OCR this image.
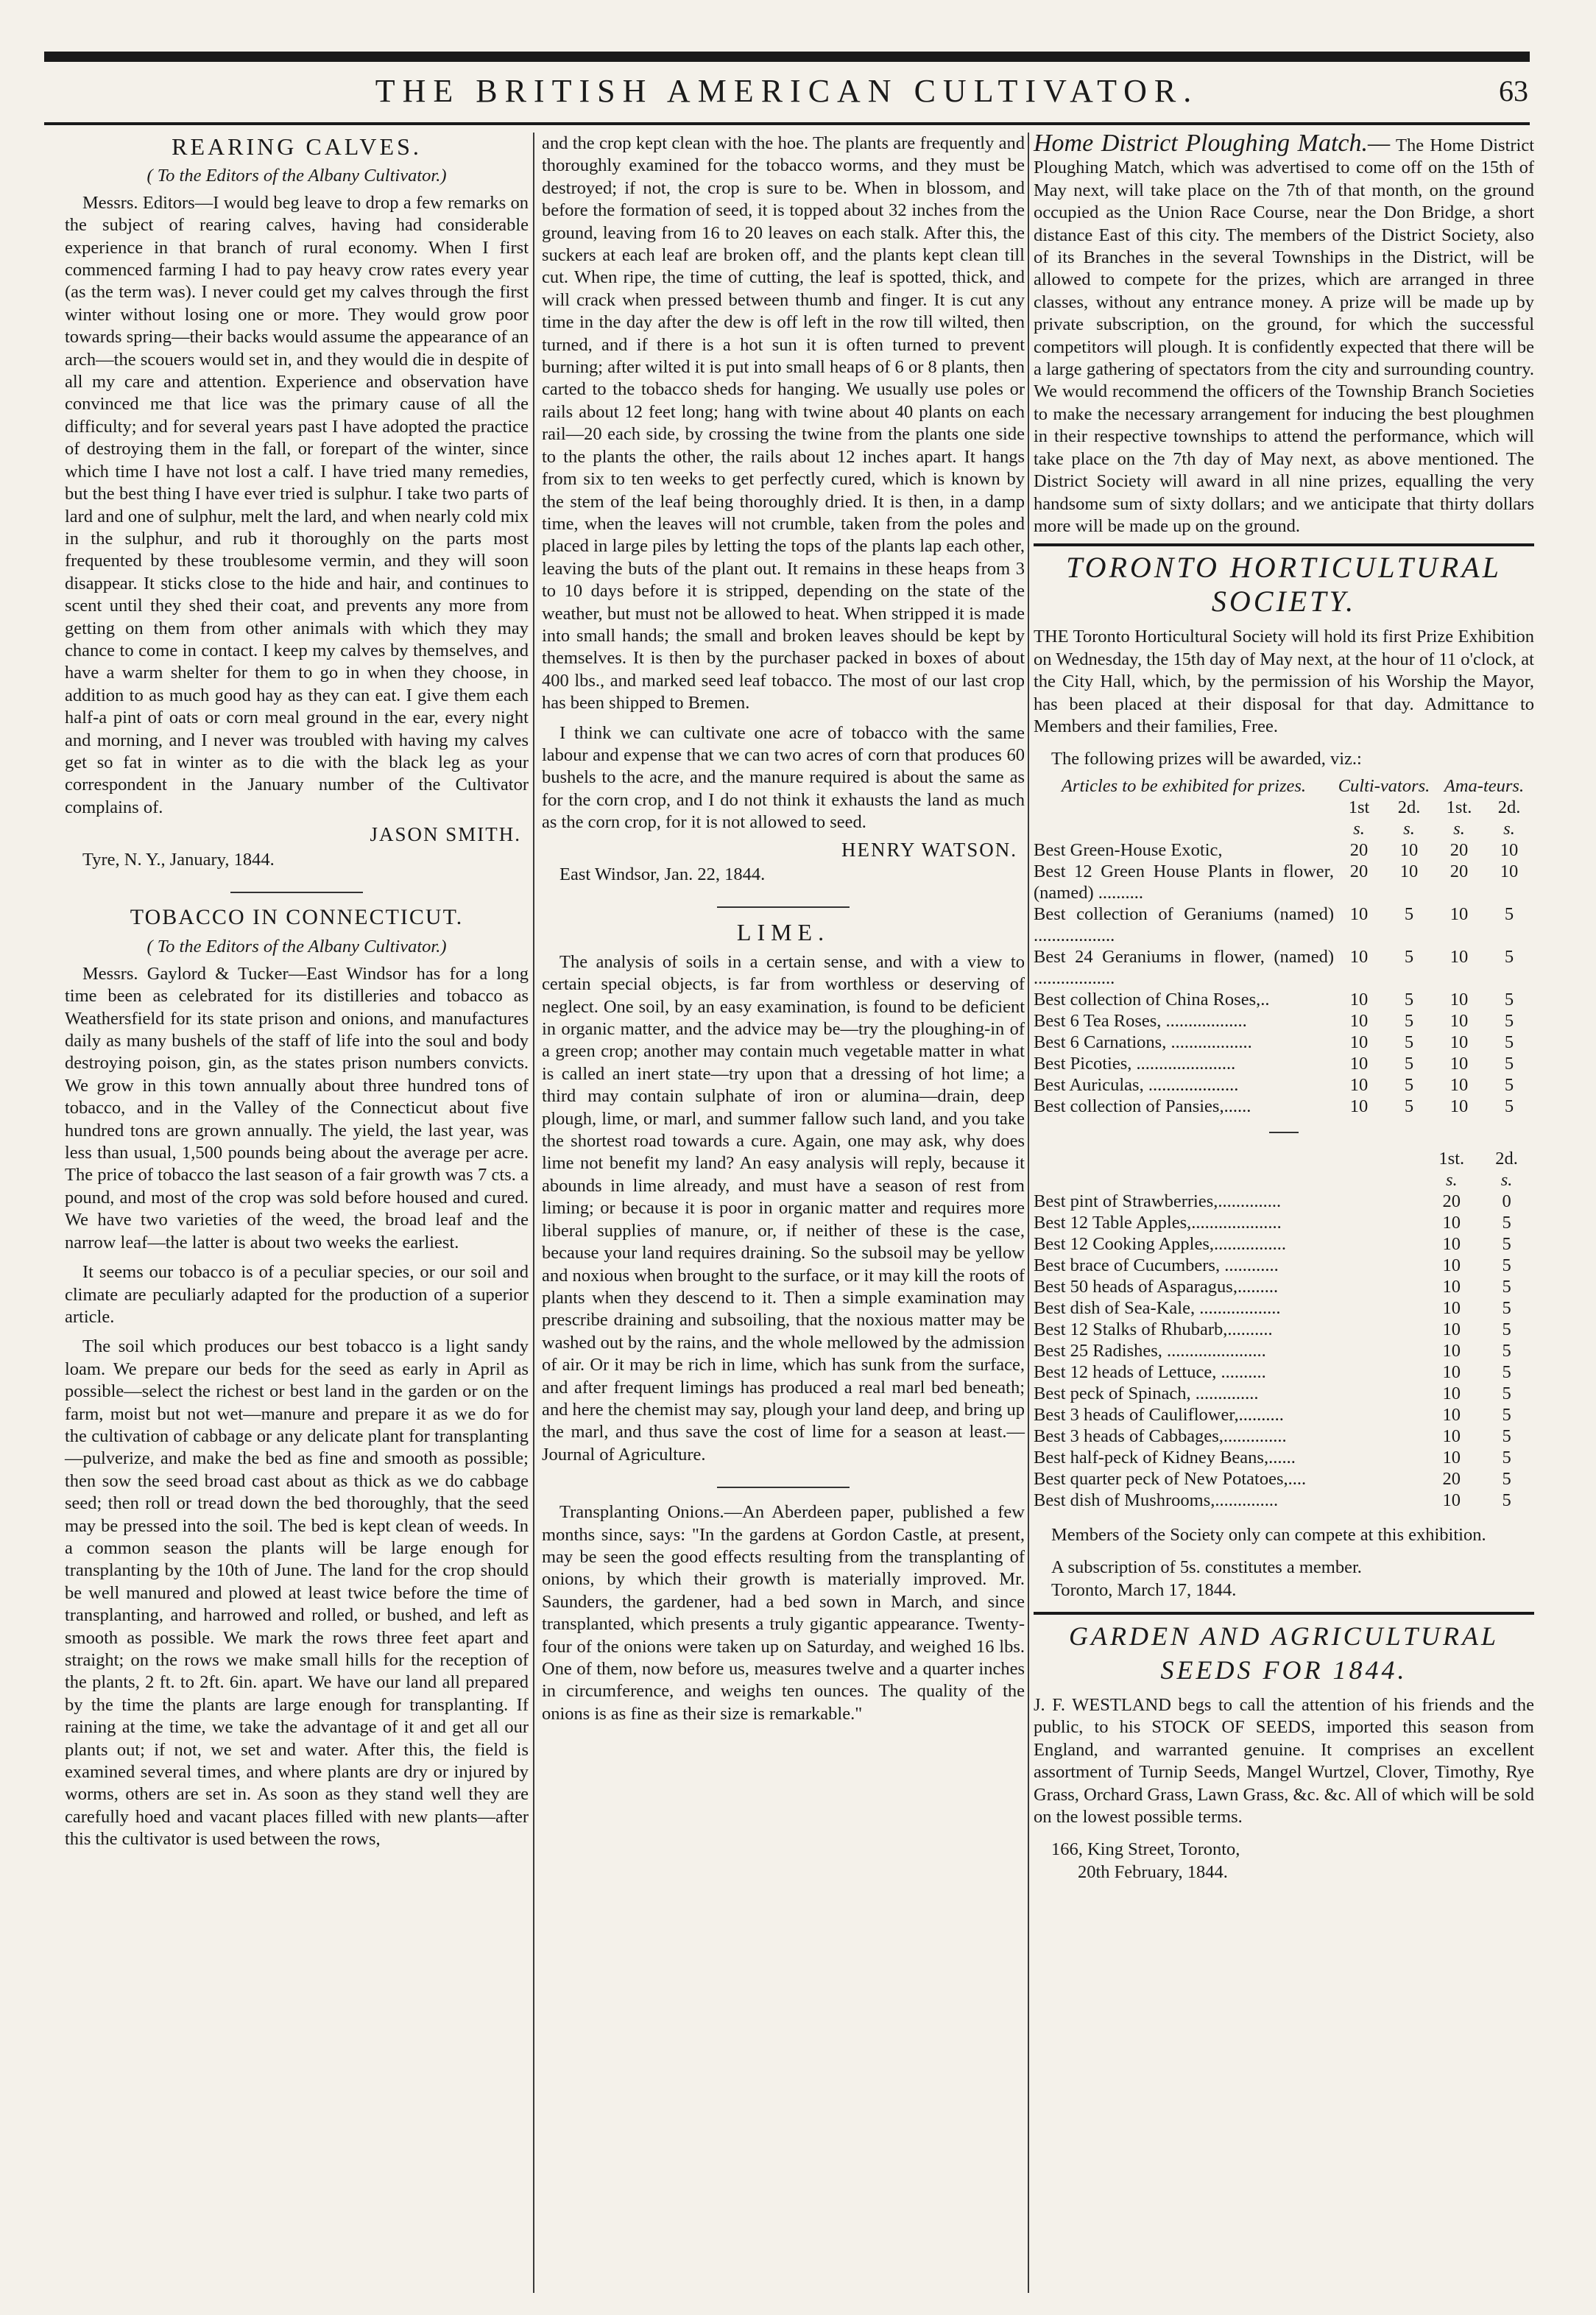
THE BRITISH AMERICAN CULTIVATOR.	63
REARING CALVES.
( To the Editors of the Albany Cultivator.)

Messrs. Editors—I would beg leave to drop a few remarks on the subject of rearing calves, having had considerable experience in that branch of rural economy. When I first commenced farming I had to pay heavy crow rates every year (as the term was). I never could get my calves through the first winter without losing one or more. They would grow poor towards spring—their backs would assume the appearance of an arch—the scouers would set in, and they would die in despite of all my care and attention. Experience and observation have convinced me that lice was the primary cause of all the difficulty; and for several years past I have adopted the practice of destroying them in the fall, or forepart of the winter, since which time I have not lost a calf. I have tried many remedies, but the best thing I have ever tried is sulphur. I take two parts of lard and one of sulphur, melt the lard, and when nearly cold mix in the sulphur, and rub it thoroughly on the parts most frequented by these troublesome vermin, and they will soon disappear. It sticks close to the hide and hair, and continues to scent until they shed their coat, and prevents any more from getting on them from other animals with which they may chance to come in contact. I keep my calves by themselves, and have a warm shelter for them to go in when they choose, in addition to as much good hay as they can eat. I give them each half-a pint of oats or corn meal ground in the ear, every night and morning, and I never was troubled with having my calves get so fat in winter as to die with the black leg as your correspondent in the January number of the Cultivator complains of.

JASON SMITH.

Tyre, N. Y., January, 1844.

TOBACCO IN CONNECTICUT.
( To the Editors of the Albany Cultivator.)

Messrs. Gaylord & Tucker—East Windsor has for a long time been as celebrated for its distilleries and tobacco as Weathersfield for its state prison and onions, and manufactures daily as many bushels of the staff of life into the soul and body destroying poison, gin, as the states prison numbers convicts. We grow in this town annually about three hundred tons of tobacco, and in the Valley of the Connecticut about five hundred tons are grown annually. The yield, the last year, was less than usual, 1,500 pounds being about the average per acre. The price of tobacco the last season of a fair growth was 7 cts. a pound, and most of the crop was sold before housed and cured. We have two varieties of the weed, the broad leaf and the narrow leaf—the latter is about two weeks the earliest.

It seems our tobacco is of a peculiar species, or our soil and climate are peculiarly adapted for the production of a superior article.

The soil which produces our best tobacco is a light sandy loam. We prepare our beds for the seed as early in April as possible—select the richest or best land in the garden or on the farm, moist but not wet—manure and prepare it as we do for the cultivation of cabbage or any delicate plant for transplanting—pulverize, and make the bed as fine and smooth as possible; then sow the seed broad cast about as thick as we do cabbage seed; then roll or tread down the bed thoroughly, that the seed may be pressed into the soil. The bed is kept clean of weeds. In a common season the plants will be large enough for transplanting by the 10th of June. The land for the crop should be well manured and plowed at least twice before the time of transplanting, and harrowed and rolled, or bushed, and left as smooth as possible. We mark the rows three feet apart and straight; on the rows we make small hills for the reception of the plants, 2 ft. to 2ft. 6in. apart. We have our land all prepared by the time the plants are large enough for transplanting. If raining at the time, we take the advantage of it and get all our plants out; if not, we set and water. After this, the field is examined several times, and where plants are dry or injured by worms, others are set in. As soon as they stand well they are carefully hoed and vacant places filled with new plants—after this the cultivator is used between the rows,

and the crop kept clean with the hoe. The plants are frequently and thoroughly examined for the tobacco worms, and they must be destroyed; if not, the crop is sure to be. When in blossom, and before the formation of seed, it is topped about 32 inches from the ground, leaving from 16 to 20 leaves on each stalk. After this, the suckers at each leaf are broken off, and the plants kept clean till cut. When ripe, the time of cutting, the leaf is spotted, thick, and will crack when pressed between thumb and finger. It is cut any time in the day after the dew is off left in the row till wilted, then turned, and if there is a hot sun it is often turned to prevent burning; after wilted it is put into small heaps of 6 or 8 plants, then carted to the tobacco sheds for hanging. We usually use poles or rails about 12 feet long; hang with twine about 40 plants on each rail—20 each side, by crossing the twine from the plants one side to the plants the other, the rails about 12 inches apart. It hangs from six to ten weeks to get perfectly cured, which is known by the stem of the leaf being thoroughly dried. It is then, in a damp time, when the leaves will not crumble, taken from the poles and placed in large piles by letting the tops of the plants lap each other, leaving the buts of the plant out. It remains in these heaps from 3 to 10 days before it is stripped, depending on the state of the weather, but must not be allowed to heat. When stripped it is made into small hands; the small and broken leaves should be kept by themselves. It is then by the purchaser packed in boxes of about 400 lbs., and marked seed leaf tobacco. The most of our last crop has been shipped to Bremen.

I think we can cultivate one acre of tobacco with the same labour and expense that we can two acres of corn that produces 60 bushels to the acre, and the manure required is about the same as for the corn crop, and I do not think it exhausts the land as much as the corn crop, for it is not allowed to seed.

HENRY WATSON.

East Windsor, Jan. 22, 1844.

LIME.

The analysis of soils in a certain sense, and with a view to certain special objects, is far from worthless or deserving of neglect. One soil, by an easy examination, is found to be deficient in organic matter, and the advice may be—try the ploughing-in of a green crop; another may contain much vegetable matter in what is called an inert state—try upon that a dressing of hot lime; a third may contain sulphate of iron or alumina—drain, deep plough, lime, or marl, and summer fallow such land, and you take the shortest road towards a cure. Again, one may ask, why does lime not benefit my land? An easy analysis will reply, because it abounds in lime already, and must have a season of rest from liming; or because it is poor in organic matter and requires more liberal supplies of manure, or, if neither of these is the case, because your land requires draining. So the subsoil may be yellow and noxious when brought to the surface, or it may kill the roots of plants when they descend to it. Then a simple examination may prescribe draining and subsoiling, that the noxious matter may be washed out by the rains, and the whole mellowed by the admission of air. Or it may be rich in lime, which has sunk from the surface, and after frequent limings has produced a real marl bed beneath; and here the chemist may say, plough your land deep, and bring up the marl, and thus save the cost of lime for a season at least.—Journal of Agriculture.

Transplanting Onions.—An Aberdeen paper, published a few months since, says: "In the gardens at Gordon Castle, at present, may be seen the good effects resulting from the transplanting of onions, by which their growth is materially improved. Mr. Saunders, the gardener, had a bed sown in March, and since transplanted, which presents a truly gigantic appearance. Twenty-four of the onions were taken up on Saturday, and weighed 16 lbs. One of them, now before us, measures twelve and a quarter inches in circumference, and weighs ten ounces. The quality of the onions is as fine as their size is remarkable."

Home District Ploughing Match.— The Home District Ploughing Match, which was advertised to come off on the 15th of May next, will take place on the 7th of that month, on the ground occupied as the Union Race Course, near the Don Bridge, a short distance East of this city. The members of the District Society, also of its Branches in the several Townships in the District, will be allowed to compete for the prizes, which are arranged in three classes, without any entrance money. A prize will be made up by private subscription, on the ground, for which the successful competitors will plough. It is confidently expected that there will be a large gathering of spectators from the city and surrounding country. We would recommend the officers of the Township Branch Societies to make the necessary arrangement for inducing the best ploughmen in their respective townships to attend the performance, which will take place on the 7th day of May next, as above mentioned. The District Society will award in all nine prizes, equalling the very handsome sum of sixty dollars; and we anticipate that thirty dollars more will be made up on the ground.

TORONTO HORTICULTURAL SOCIETY.

THE Toronto Horticultural Society will hold its first Prize Exhibition on Wednesday, the 15th day of May next, at the hour of 11 o'clock, at the City Hall, which, by the permission of his Worship the Mayor, has been placed at their disposal for that day. Admittance to Members and their families, Free.

The following prizes will be awarded, viz.:

Articles to be exhibited for prizes.	Culti-vators.		Ama-teurs.	
	1st	2d.	1st.	2d.
	s.	s.	s.	s.
Best Green-House Exotic,	20	10	20	10
Best 12 Green House Plants in flower, (named) ..........	20	10	20	10
Best collection of Geraniums (named) ..................	10	5	10	5
Best 24 Geraniums in flower, (named) ..................	10	5	10	5
Best collection of China Roses,..	10	5	10	5
Best 6 Tea Roses, ..................	10	5	10	5
Best 6 Carnations, ..................	10	5	10	5
Best Picoties, ......................	10	5	10	5
Best Auriculas, ....................	10	5	10	5
Best collection of Pansies,......	10	5	10	5
	1st.	2d.
	s.	s.
Best pint of Strawberries,..............	20	0
Best 12 Table Apples,....................	10	5
Best 12 Cooking Apples,................	10	5
Best brace of Cucumbers, ............	10	5
Best 50 heads of Asparagus,.........	10	5
Best dish of Sea-Kale, ..................	10	5
Best 12 Stalks of Rhubarb,..........	10	5
Best 25 Radishes, ......................	10	5
Best 12 heads of Lettuce, ..........	10	5
Best peck of Spinach, ..............	10	5
Best 3 heads of Cauliflower,..........	10	5
Best 3 heads of Cabbages,..............	10	5
Best half-peck of Kidney Beans,......	10	5
Best quarter peck of New Potatoes,....	20	5
Best dish of Mushrooms,..............	10	5

Members of the Society only can compete at this exhibition.

A subscription of 5s. constitutes a member.

Toronto, March 17, 1844.

GARDEN AND AGRICULTURAL SEEDS FOR 1844.

J. F. WESTLAND begs to call the attention of his friends and the public, to his STOCK OF SEEDS, imported this season from England, and warranted genuine. It comprises an excellent assortment of Turnip Seeds, Mangel Wurtzel, Clover, Timothy, Rye Grass, Orchard Grass, Lawn Grass, &c. &c. All of which will be sold on the lowest possible terms.

166, King Street, Toronto,

20th February, 1844.
